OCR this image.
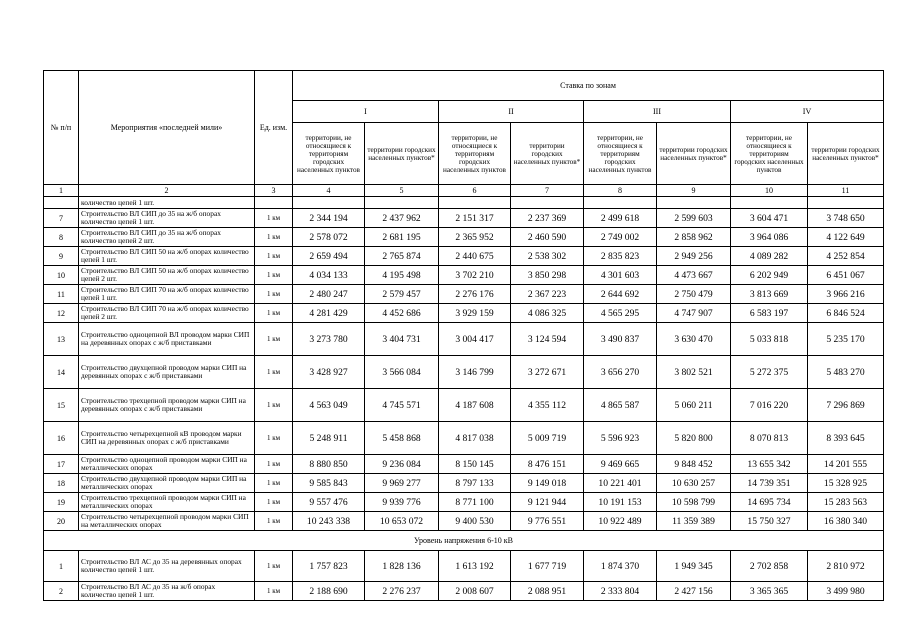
№ п/п	Мероприятия «последней мили»	Ед. изм.	Ставка по зонам							
			I		II		III		IV	
			территории, не относящиеся к территориям городских населенных пунктов	территории городских населенных пунктов*	территории, не относящиеся к территориям городских населенных пунктов	территории городских населенных пунктов*	территории, не относящиеся к территориям городских населенных пунктов	территории городских населенных пунктов*	территории, не относящиеся к территориям городских населенных пунктов	территории городских населенных пунктов*
1	2	3	4	5	6	7	8	9	10	11
	количество цепей 1 шт.									
7	Строительство ВЛ СИП до 35 на ж/б опорах количество цепей 1 шт.	1 км	2 344 194	2 437 962	2 151 317	2 237 369	2 499 618	2 599 603	3 604 471	3 748 650
8	Строительство ВЛ СИП до 35 на ж/б опорах количество цепей 2 шт.	1 км	2 578 072	2 681 195	2 365 952	2 460 590	2 749 002	2 858 962	3 964 086	4 122 649
9	Строительство ВЛ СИП 50 на ж/б опорах количество цепей 1 шт.	1 км	2 659 494	2 765 874	2 440 675	2 538 302	2 835 823	2 949 256	4 089 282	4 252 854
10	Строительство ВЛ СИП 50 на ж/б опорах количество цепей 2 шт.	1 км	4 034 133	4 195 498	3 702 210	3 850 298	4 301 603	4 473 667	6 202 949	6 451 067
11	Строительство ВЛ СИП 70 на ж/б опорах количество цепей 1 шт.	1 км	2 480 247	2 579 457	2 276 176	2 367 223	2 644 692	2 750 479	3 813 669	3 966 216
12	Строительство ВЛ СИП 70 на ж/б опорах количество цепей 2 шт.	1 км	4 281 429	4 452 686	3 929 159	4 086 325	4 565 295	4 747 907	6 583 197	6 846 524
13	Строительство одноцепной ВЛ проводом марки СИП на деревянных опорах с ж/б приставками	1 км	3 273 780	3 404 731	3 004 417	3 124 594	3 490 837	3 630 470	5 033 818	5 235 170
14	Строительство двухцепной проводом марки СИП на деревянных опорах с ж/б приставками	1 км	3 428 927	3 566 084	3 146 799	3 272 671	3 656 270	3 802 521	5 272 375	5 483 270
15	Строительство трехцепной проводом марки СИП на деревянных опорах с ж/б приставками	1 км	4 563 049	4 745 571	4 187 608	4 355 112	4 865 587	5 060 211	7 016 220	7 296 869
16	Строительство четырехцепной кВ проводом марки СИП на деревянных опорах с ж/б приставками	1 км	5 248 911	5 458 868	4 817 038	5 009 719	5 596 923	5 820 800	8 070 813	8 393 645
17	Строительство одноцепной проводом марки СИП на металлических опорах	1 км	8 880 850	9 236 084	8 150 145	8 476 151	9 469 665	9 848 452	13 655 342	14 201 555
18	Строительство двухцепной проводом марки СИП на металлических опорах	1 км	9 585 843	9 969 277	8 797 133	9 149 018	10 221 401	10 630 257	14 739 351	15 328 925
19	Строительство трехцепной проводом марки СИП на металлических опорах	1 км	9 557 476	9 939 776	8 771 100	9 121 944	10 191 153	10 598 799	14 695 734	15 283 563
20	Строительство четырехцепной проводом марки СИП на металлических опорах	1 км	10 243 338	10 653 072	9 400 530	9 776 551	10 922 489	11 359 389	15 750 327	16 380 340
Уровень напряжения 6-10 кВ										
1	Строительство ВЛ АС до 35 на деревянных опорах количество цепей 1 шт.	1 км	1 757 823	1 828 136	1 613 192	1 677 719	1 874 370	1 949 345	2 702 858	2 810 972
2	Строительство ВЛ АС до 35 на ж/б опорах количество цепей 1 шт.	1 км	2 188 690	2 276 237	2 008 607	2 088 951	2 333 804	2 427 156	3 365 365	3 499 980
